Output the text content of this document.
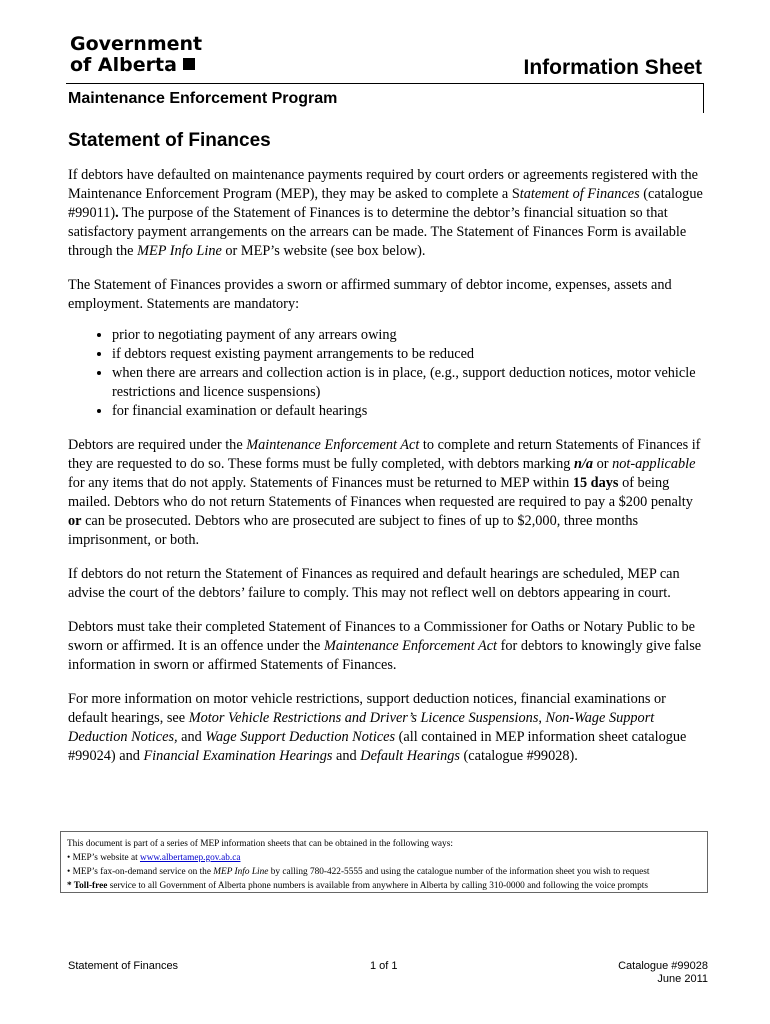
Government
of Alberta	Information Sheet
Maintenance Enforcement Program
Statement of Finances

If debtors have defaulted on maintenance payments required by court orders or agreements registered with the Maintenance Enforcement Program (MEP), they may be asked to complete a Statement of Finances (catalogue #99011). The purpose of the Statement of Finances is to determine the debtor’s financial situation so that satisfactory payment arrangements on the arrears can be made. The Statement of Finances Form is available through the MEP Info Line or MEP’s website (see box below).

The Statement of Finances provides a sworn or affirmed summary of debtor income, expenses, assets and employment. Statements are mandatory:

• prior to negotiating payment of any arrears owing
• if debtors request existing payment arrangements to be reduced
• when there are arrears and collection action is in place, (e.g., support deduction notices, motor vehicle restrictions and licence suspensions)
• for financial examination or default hearings

Debtors are required under the Maintenance Enforcement Act to complete and return Statements of Finances if they are requested to do so. These forms must be fully completed, with debtors marking n/a or not-applicable for any items that do not apply. Statements of Finances must be returned to MEP within 15 days of being mailed. Debtors who do not return Statements of Finances when requested are required to pay a $200 penalty or can be prosecuted. Debtors who are prosecuted are subject to fines of up to $2,000, three months imprisonment, or both.

If debtors do not return the Statement of Finances as required and default hearings are scheduled, MEP can advise the court of the debtors’ failure to comply. This may not reflect well on debtors appearing in court.

Debtors must take their completed Statement of Finances to a Commissioner for Oaths or Notary Public to be sworn or affirmed. It is an offence under the Maintenance Enforcement Act for debtors to knowingly give false information in sworn or affirmed Statements of Finances.

For more information on motor vehicle restrictions, support deduction notices, financial examinations or default hearings, see Motor Vehicle Restrictions and Driver’s Licence Suspensions, Non-Wage Support Deduction Notices, and Wage Support Deduction Notices (all contained in MEP information sheet catalogue #99024) and Financial Examination Hearings and Default Hearings (catalogue #99028).

This document is part of a series of MEP information sheets that can be obtained in the following ways:
• MEP’s website at www.albertamep.gov.ab.ca
• MEP’s fax-on-demand service on the MEP Info Line by calling 780-422-5555 and using the catalogue number of the information sheet you wish to request
* Toll-free service to all Government of Alberta phone numbers is available from anywhere in Alberta by calling 310-0000 and following the voice prompts
Statement of Finances	1 of 1	Catalogue #99028
June 2011
